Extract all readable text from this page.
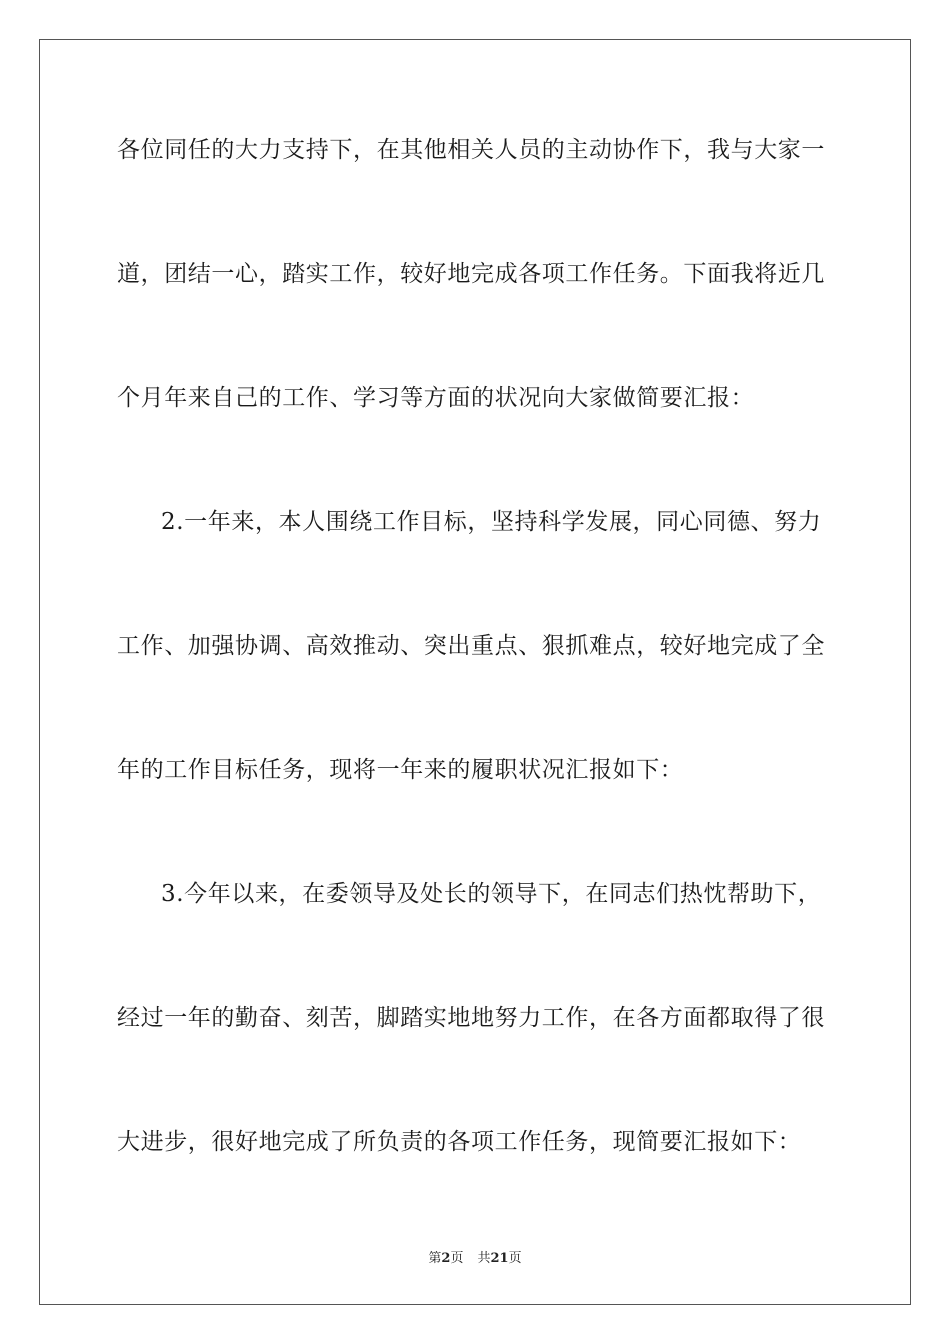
各位同任的大力支持下，在其他相关人员的主动协作下，我与大家一
道，团结一心，踏实工作，较好地完成各项工作任务。下面我将近几
个月年来自己的工作、学习等方面的状况向大家做简要汇报：
2.一年来，本人围绕工作目标，坚持科学发展，同心同德、努力
工作、加强协调、高效推动、突出重点、狠抓难点，较好地完成了全
年的工作目标任务，现将一年来的履职状况汇报如下：
3.今年以来，在委领导及处长的领导下，在同志们热忱帮助下，
经过一年的勤奋、刻苦，脚踏实地地努力工作，在各方面都取得了很
大进步，很好地完成了所负责的各项工作任务，现简要汇报如下：
第2页 共21页
